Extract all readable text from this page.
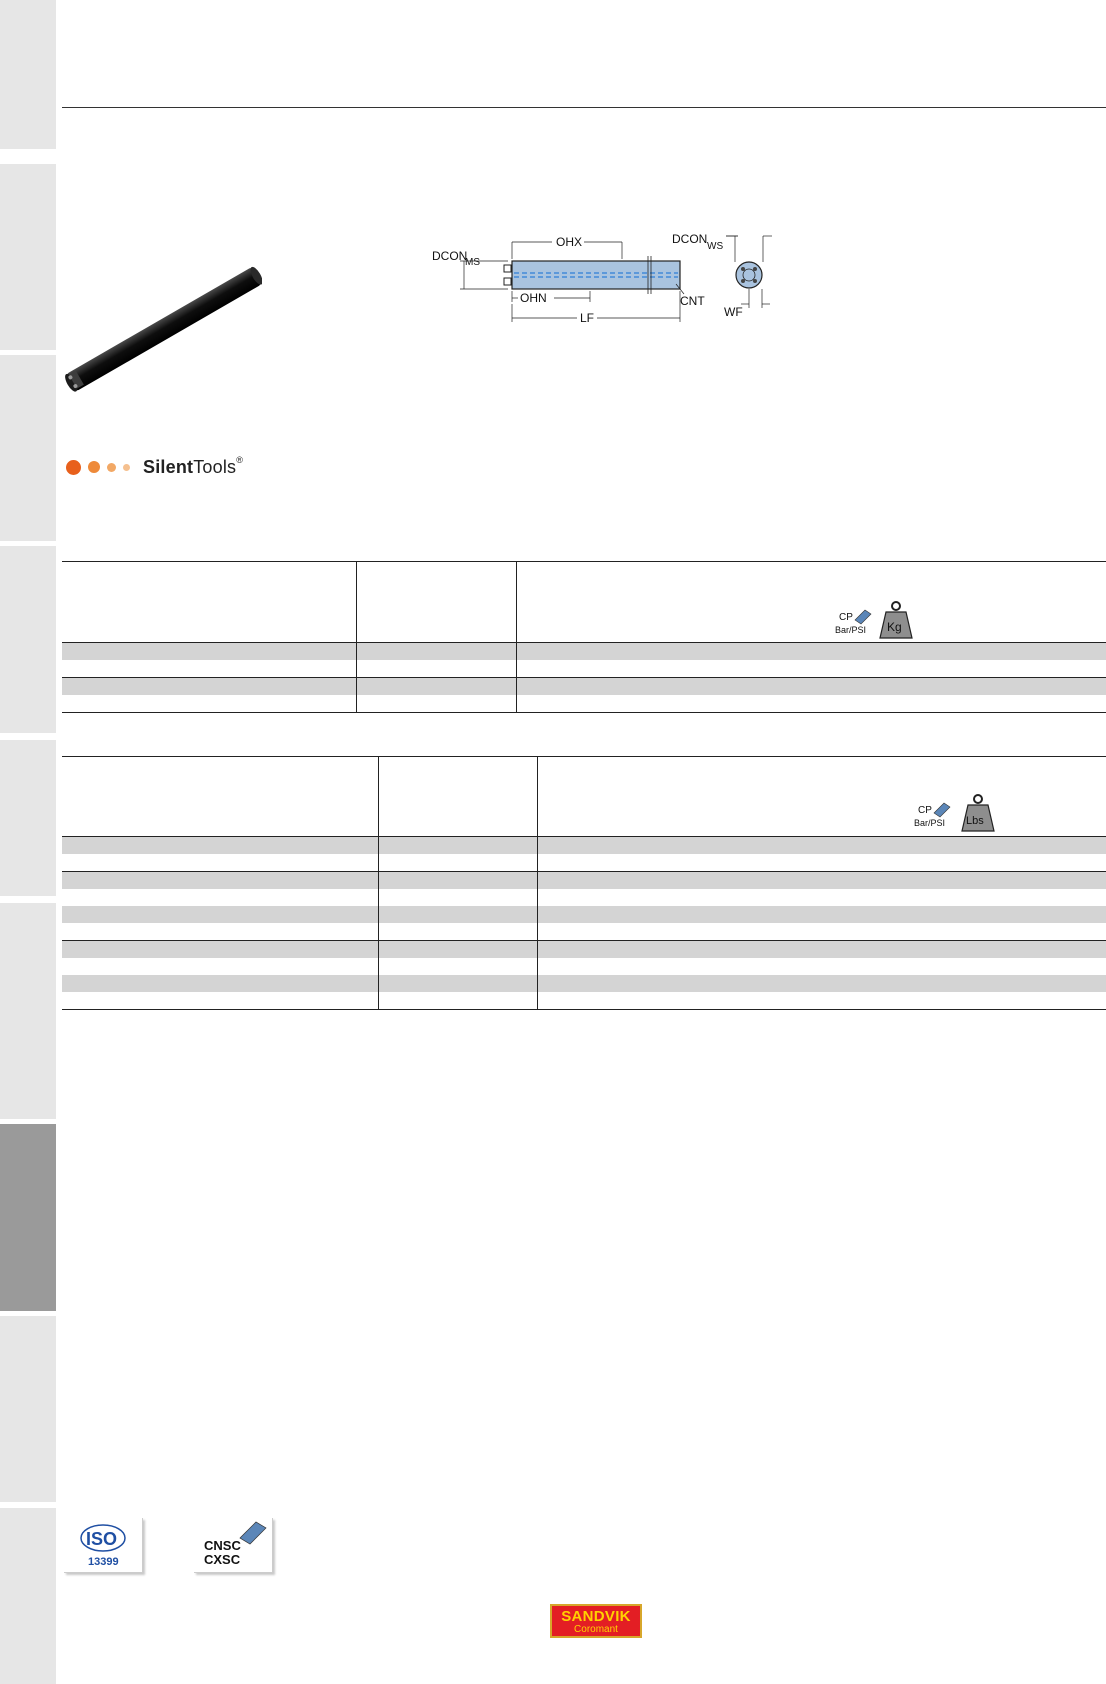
OHX
DCON
MS
OHN
LF
CNT
DCON
WS
WF
SilentTools®
CP
Bar/PSI Kg
CP
Bar/PSI Lbs
ISO
13399
CNSC
CXSC
SANDVIK
Coromant
